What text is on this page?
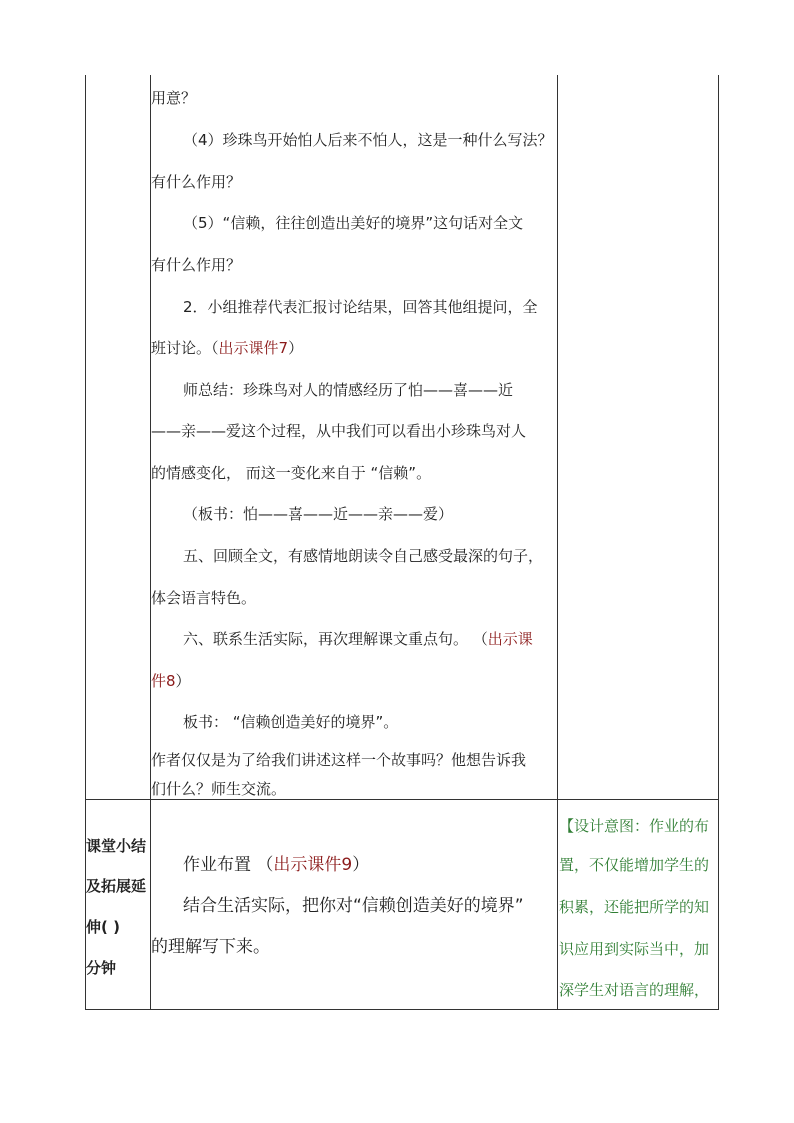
用意？
（4）珍珠鸟开始怕人后来不怕人，这是一种什么写法？
有什么作用？
（5）“信赖，往往创造出美好的境界”这句话对全文
有什么作用？
2．小组推荐代表汇报讨论结果，回答其他组提问，全
班讨论。（出示课件7）
师总结：珍珠鸟对人的情感经历了怕——喜——近
——亲——爱这个过程，从中我们可以看出小珍珠鸟对人
的情感变化， 而这一变化来自于 “信赖”。
（板书：怕——喜——近——亲——爱）
五、回顾全文，有感情地朗读令自己感受最深的句子，
体会语言特色。
六、联系生活实际，再次理解课文重点句。 （出示课
件8）
板书： “信赖创造美好的境界”。
作者仅仅是为了给我们讲述这样一个故事吗？他想告诉我
们什么？师生交流。
课堂小结
及拓展延
伸( )
分钟
作业布置 （出示课件9）
结合生活实际，把你对“信赖创造美好的境界”
的理解写下来。
【设计意图：作业的布
置，不仅能增加学生的
积累，还能把所学的知
识应用到实际当中，加
深学生对语言的理解，
